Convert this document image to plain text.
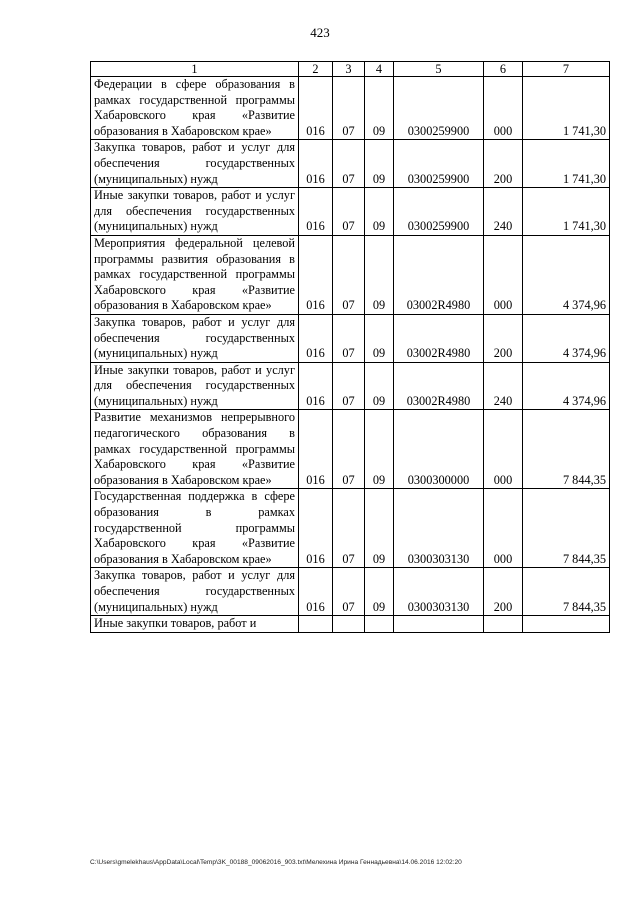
423
1	2	3	4	5	6	7
Федерации в сфере образования в рамках государственной программы Хабаровского края «Развитие образования в Хабаровском крае»	016	07	09	0300259900	000	1 741,30
Закупка товаров, работ и услуг для обеспечения государственных (муниципальных) нужд	016	07	09	0300259900	200	1 741,30
Иные закупки товаров, работ и услуг для обеспечения государственных (муниципальных) нужд	016	07	09	0300259900	240	1 741,30
Мероприятия федеральной целевой программы развития образования в рамках государственной программы Хабаровского края «Развитие образования в Хабаровском крае»	016	07	09	03002R4980	000	4 374,96
Закупка товаров, работ и услуг для обеспечения государственных (муниципальных) нужд	016	07	09	03002R4980	200	4 374,96
Иные закупки товаров, работ и услуг для обеспечения государственных (муниципальных) нужд	016	07	09	03002R4980	240	4 374,96
Развитие механизмов непрерывного педагогического образования в рамках государственной программы Хабаровского края «Развитие образования в Хабаровском крае»	016	07	09	0300300000	000	7 844,35
Государственная поддержка в сфере образования в рамках государственной программы Хабаровского края «Развитие образования в Хабаровском крае»	016	07	09	0300303130	000	7 844,35
Закупка товаров, работ и услуг для обеспечения государственных (муниципальных) нужд	016	07	09	0300303130	200	7 844,35
Иные закупки товаров, работ и						
C:\Users\gmelekhaus\AppData\Local\Temp\3K_00188_09062016_903.txt\Мелехина Ирина Геннадьевна\14.06.2016 12:02:20
